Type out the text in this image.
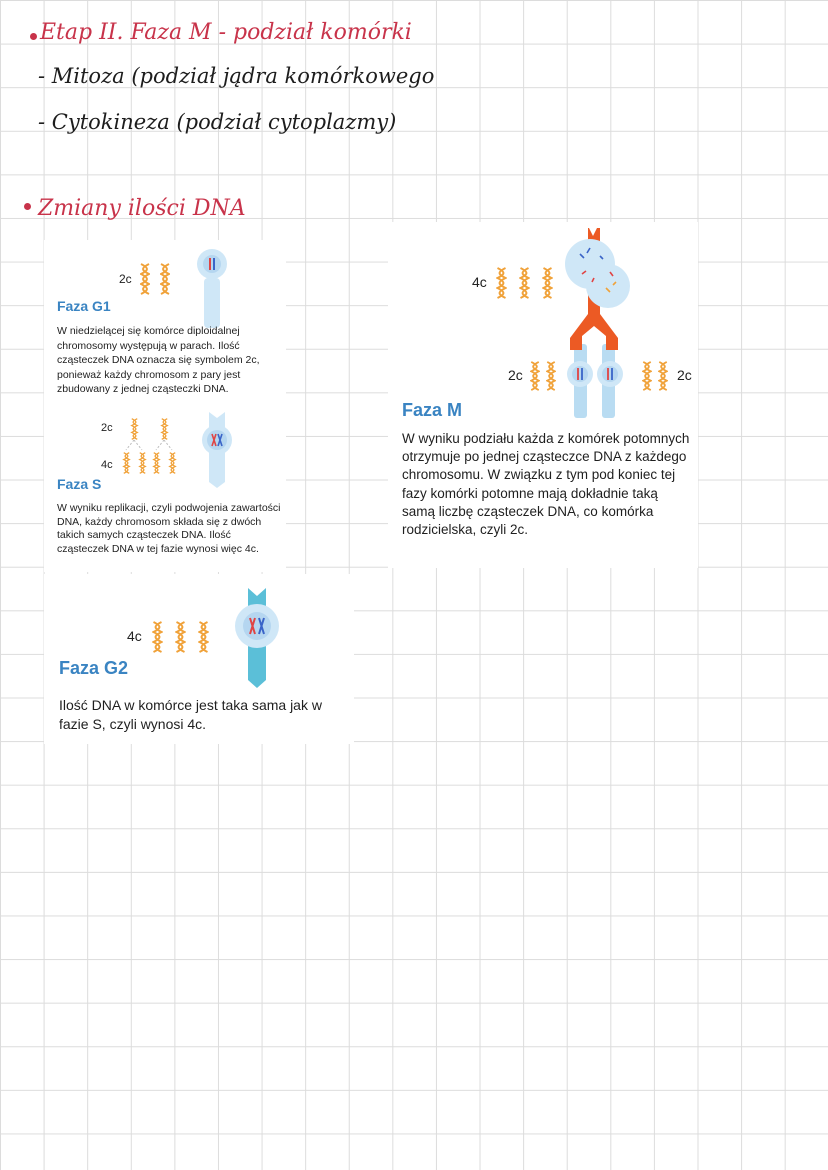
Etap II. Faza M - podział komórki
- Mitoza (podział jądra komórkowego
- Cytokineza (podział cytoplazmy)
Zmiany ilości DNA
2c
Faza G1

W niedzielącej się komórce diploidalnej chromosomy występują w parach. Ilość cząsteczek DNA oznacza się symbolem 2c, ponieważ każdy chromosom z pary jest zbudowany z jednej cząsteczki DNA.

2c
4c
Faza S

W wyniku replikacji, czyli podwojenia zawartości DNA, każdy chromosom składa się z dwóch takich samych cząsteczek DNA. Ilość cząsteczek DNA w tej fazie wynosi więc 4c.

4c
Faza G2

Ilość DNA w komórce jest taka sama jak w fazie S, czyli wynosi 4c.

4c
2c	2c
Faza M

W wyniku podziału każda z komórek potomnych otrzymuje po jednej cząsteczce DNA z każdego chromosomu. W związku z tym pod koniec tej fazy komórki potomne mają dokładnie taką samą liczbę cząsteczek DNA, co komórka rodzicielska, czyli 2c.
